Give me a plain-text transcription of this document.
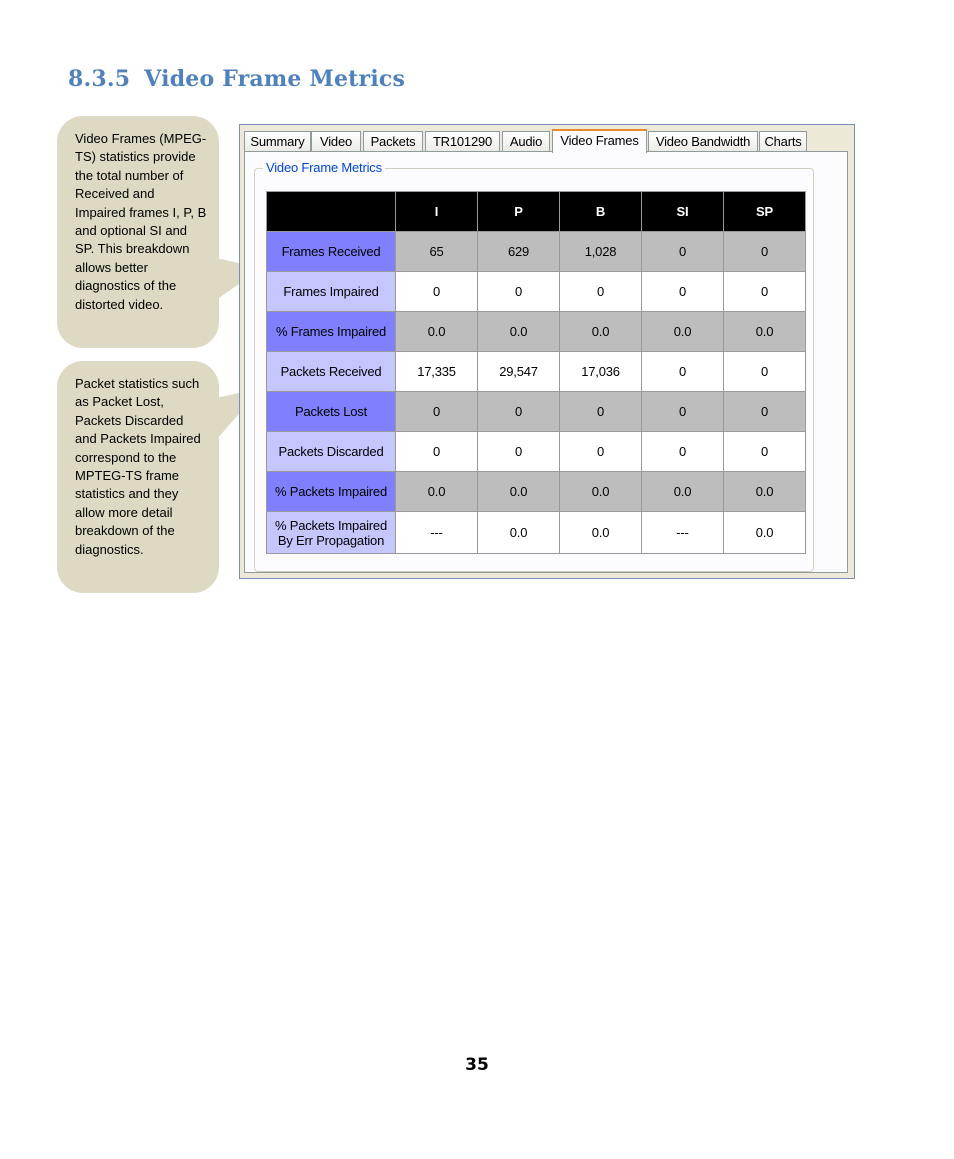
8.3.5 Video Frame Metrics
Video Frames (MPEG-TS) statistics provide the total number of Received and Impaired frames I, P, B and optional SI and SP. This breakdown allows better diagnostics of the distorted video.
Packet statistics such as Packet Lost, Packets Discarded and Packets Impaired correspond to the MPTEG-TS frame statistics and they allow more detail breakdown of the diagnostics.
Summary	Video	Packets	TR101290	Audio	Video Frames	Video Bandwidth	Charts
Video Frame Metrics
	I	P	B	SI	SP
Frames Received	65	629	1,028	0	0
Frames Impaired	0	0	0	0	0
% Frames Impaired	0.0	0.0	0.0	0.0	0.0
Packets Received	17,335	29,547	17,036	0	0
Packets Lost	0	0	0	0	0
Packets Discarded	0	0	0	0	0
% Packets Impaired	0.0	0.0	0.0	0.0	0.0
% Packets Impaired By Err Propagation	---	0.0	0.0	---	0.0
35
